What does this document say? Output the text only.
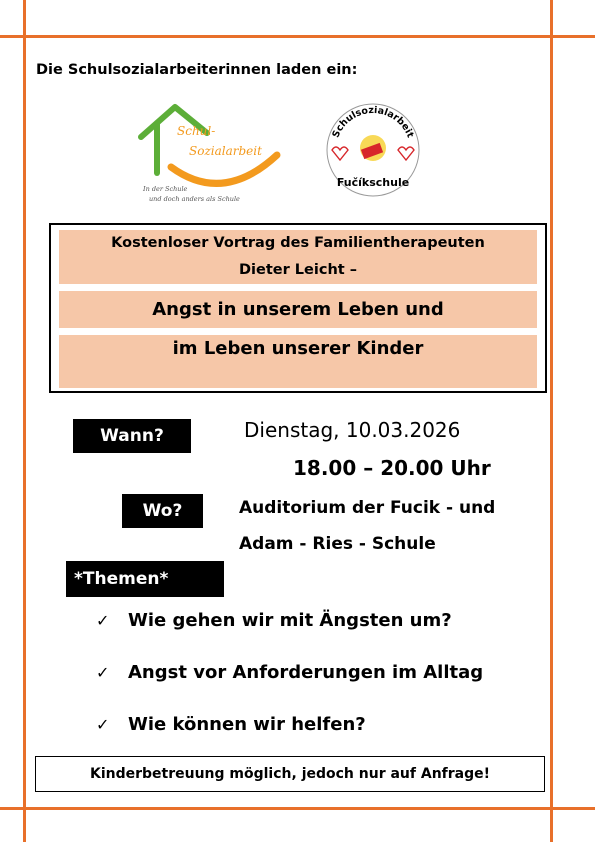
Die Schulsozialarbeiterinnen laden ein:
Schul-
Sozialarbeit
In der Schule
und doch anders als Schule
Schulsozialarbeit
Fučíkschule
Kostenloser Vortrag des Familientherapeuten
Dieter Leicht –
Angst in unserem Leben und
im Leben unserer Kinder
Wann?
Wo?
*Themen*
Dienstag, 10.03.2026
18.00 – 20.00 Uhr
Auditorium der Fucik - und
Adam - Ries - Schule
✓	Wie gehen wir mit Ängsten um?
✓	Angst vor Anforderungen im Alltag
✓	Wie können wir helfen?
Kinderbetreuung möglich, jedoch nur auf Anfrage!
